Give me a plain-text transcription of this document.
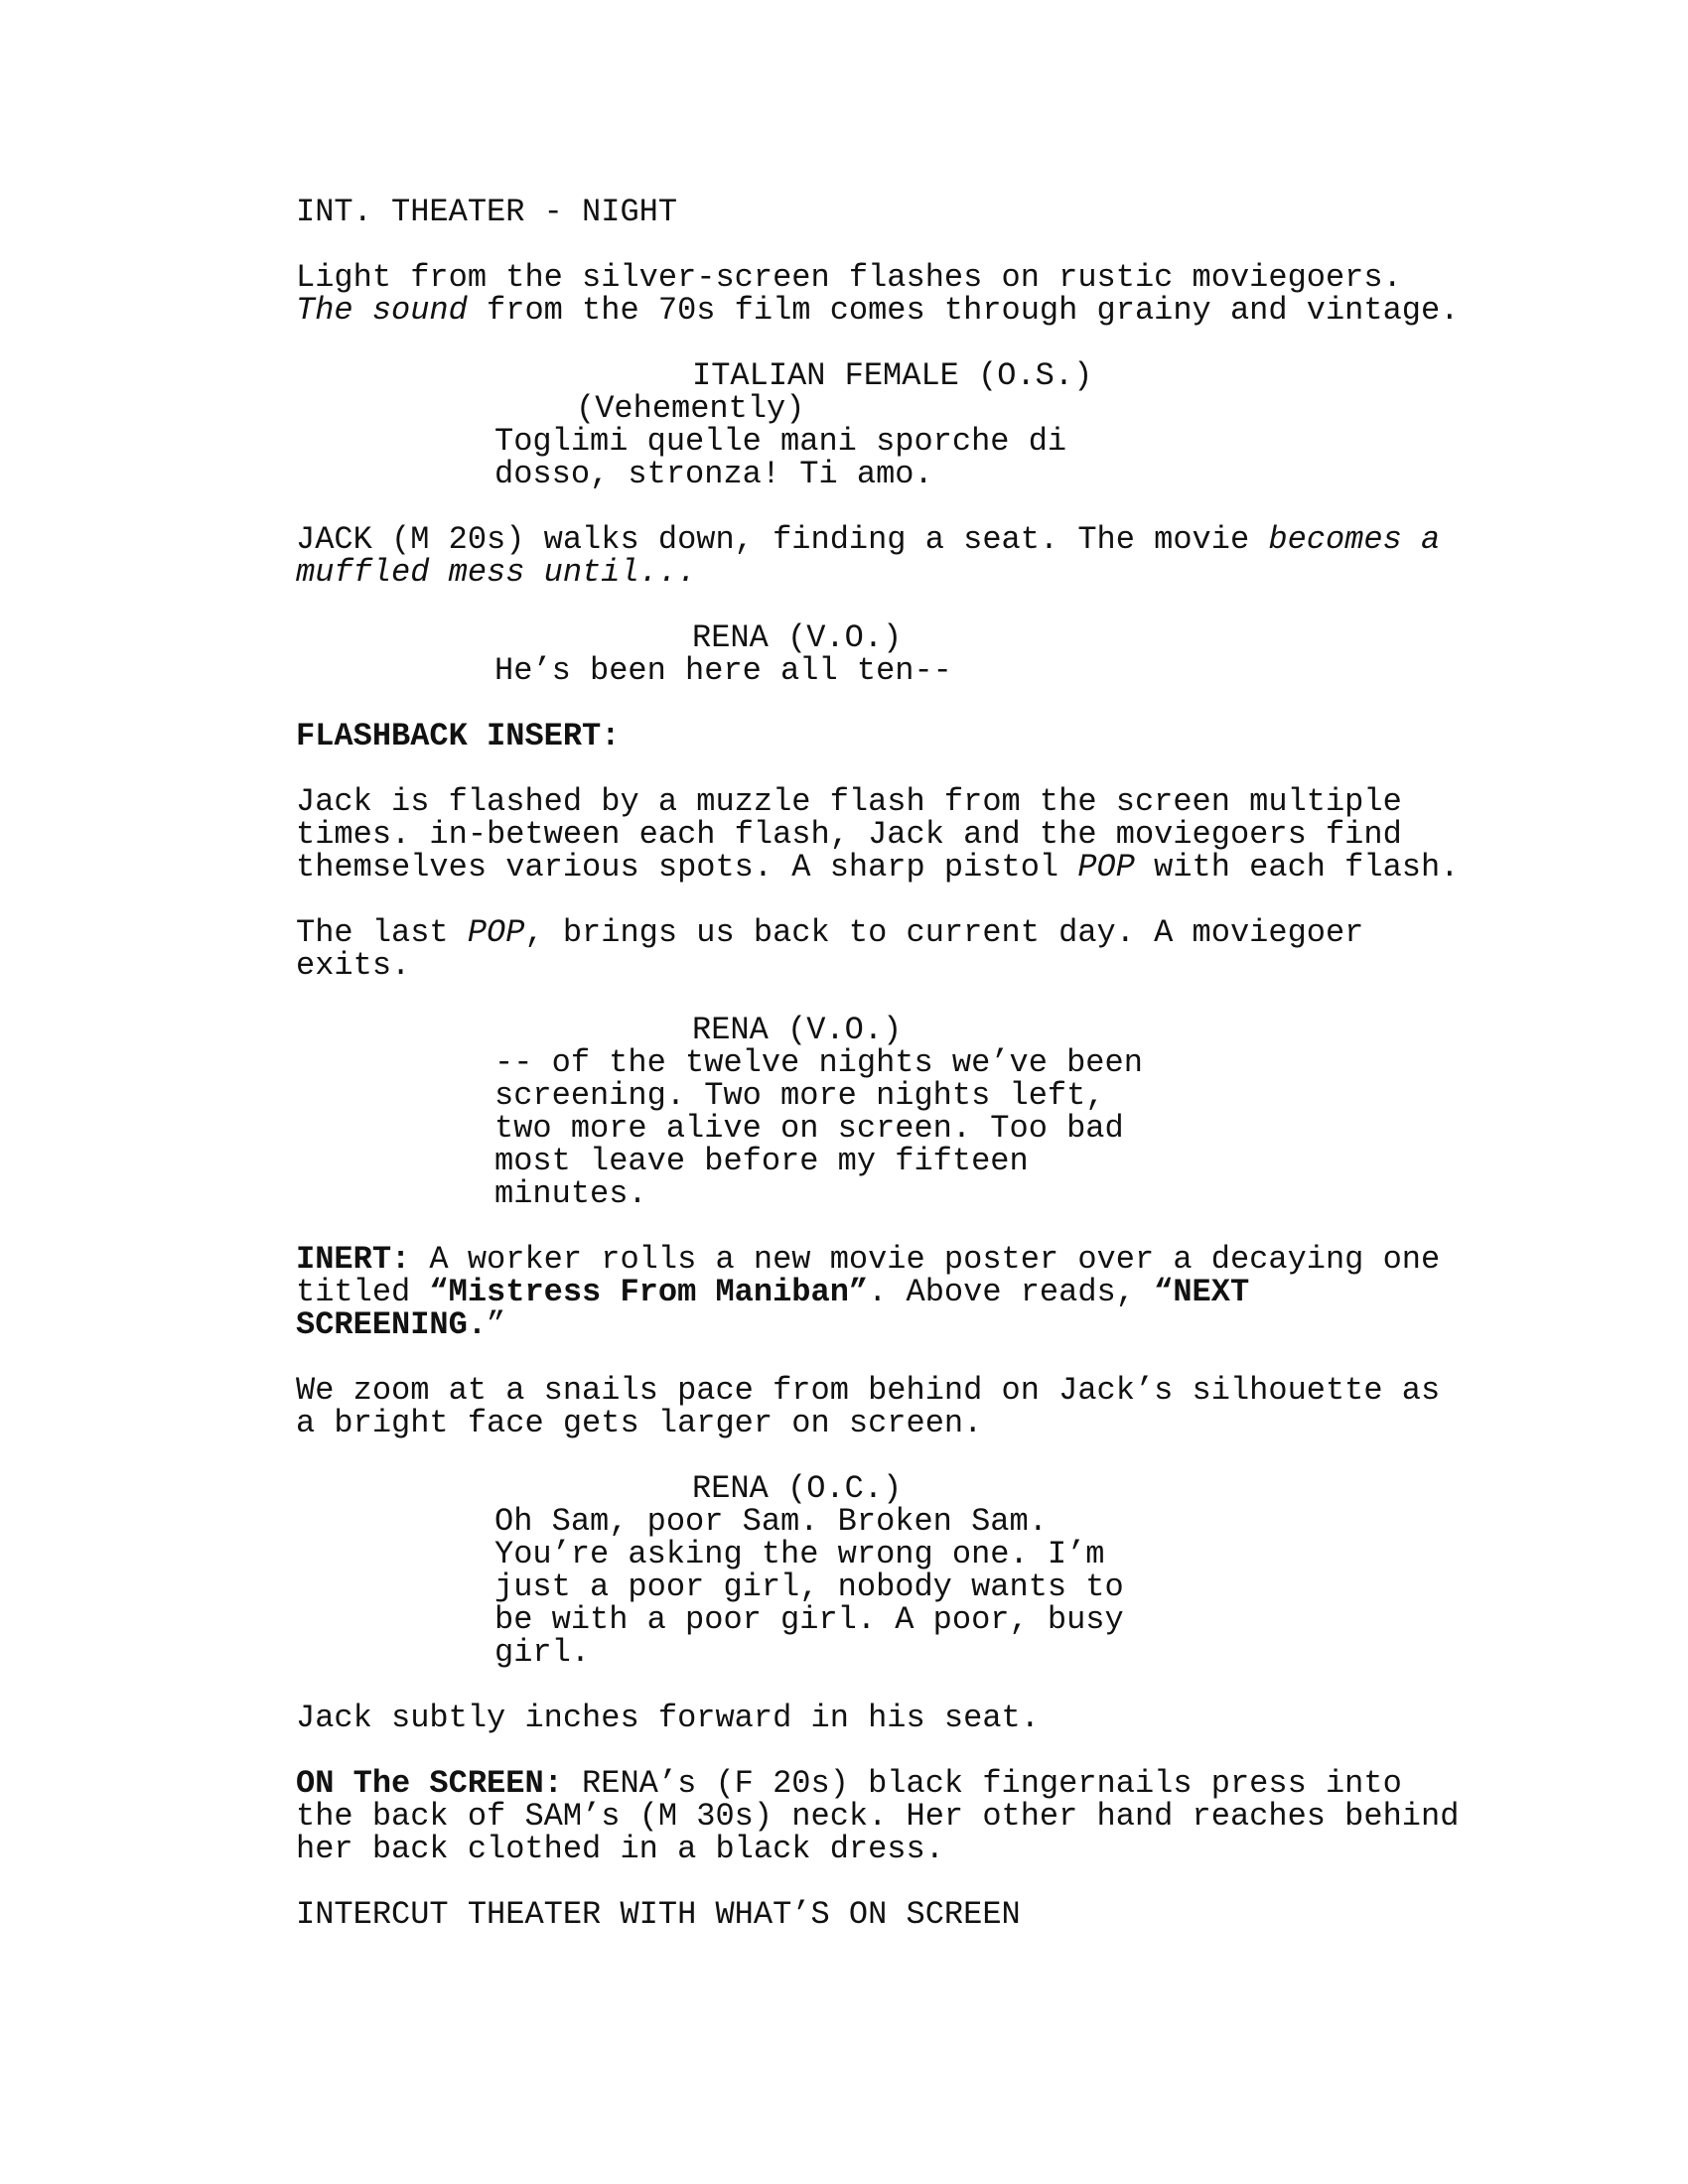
INT. THEATER - NIGHT

Light from the silver-screen flashes on rustic moviegoers.

The sound from the 70s film comes through grainy and vintage.

ITALIAN FEMALE (O.S.)

(Vehemently)

Toglimi quelle mani sporche di

dosso, stronza! Ti amo.

JACK (M 20s) walks down, finding a seat. The movie becomes a

muffled mess until...

RENA (V.O.)

He’s been here all ten--

FLASHBACK INSERT:

Jack is flashed by a muzzle flash from the screen multiple

times. in-between each flash, Jack and the moviegoers find

themselves various spots. A sharp pistol POP with each flash.

The last POP, brings us back to current day. A moviegoer

exits.

RENA (V.O.)

-- of the twelve nights we’ve been

screening. Two more nights left,

two more alive on screen. Too bad

most leave before my fifteen

minutes.

INERT: A worker rolls a new movie poster over a decaying one

titled “Mistress From Maniban”. Above reads, “NEXT

SCREENING.”

We zoom at a snails pace from behind on Jack’s silhouette as

a bright face gets larger on screen.

RENA (O.C.)

Oh Sam, poor Sam. Broken Sam.

You’re asking the wrong one. I’m

just a poor girl, nobody wants to

be with a poor girl. A poor, busy

girl.

Jack subtly inches forward in his seat.

ON The SCREEN: RENA’s (F 20s) black fingernails press into

the back of SAM’s (M 30s) neck. Her other hand reaches behind

her back clothed in a black dress.

INTERCUT THEATER WITH WHAT’S ON SCREEN
